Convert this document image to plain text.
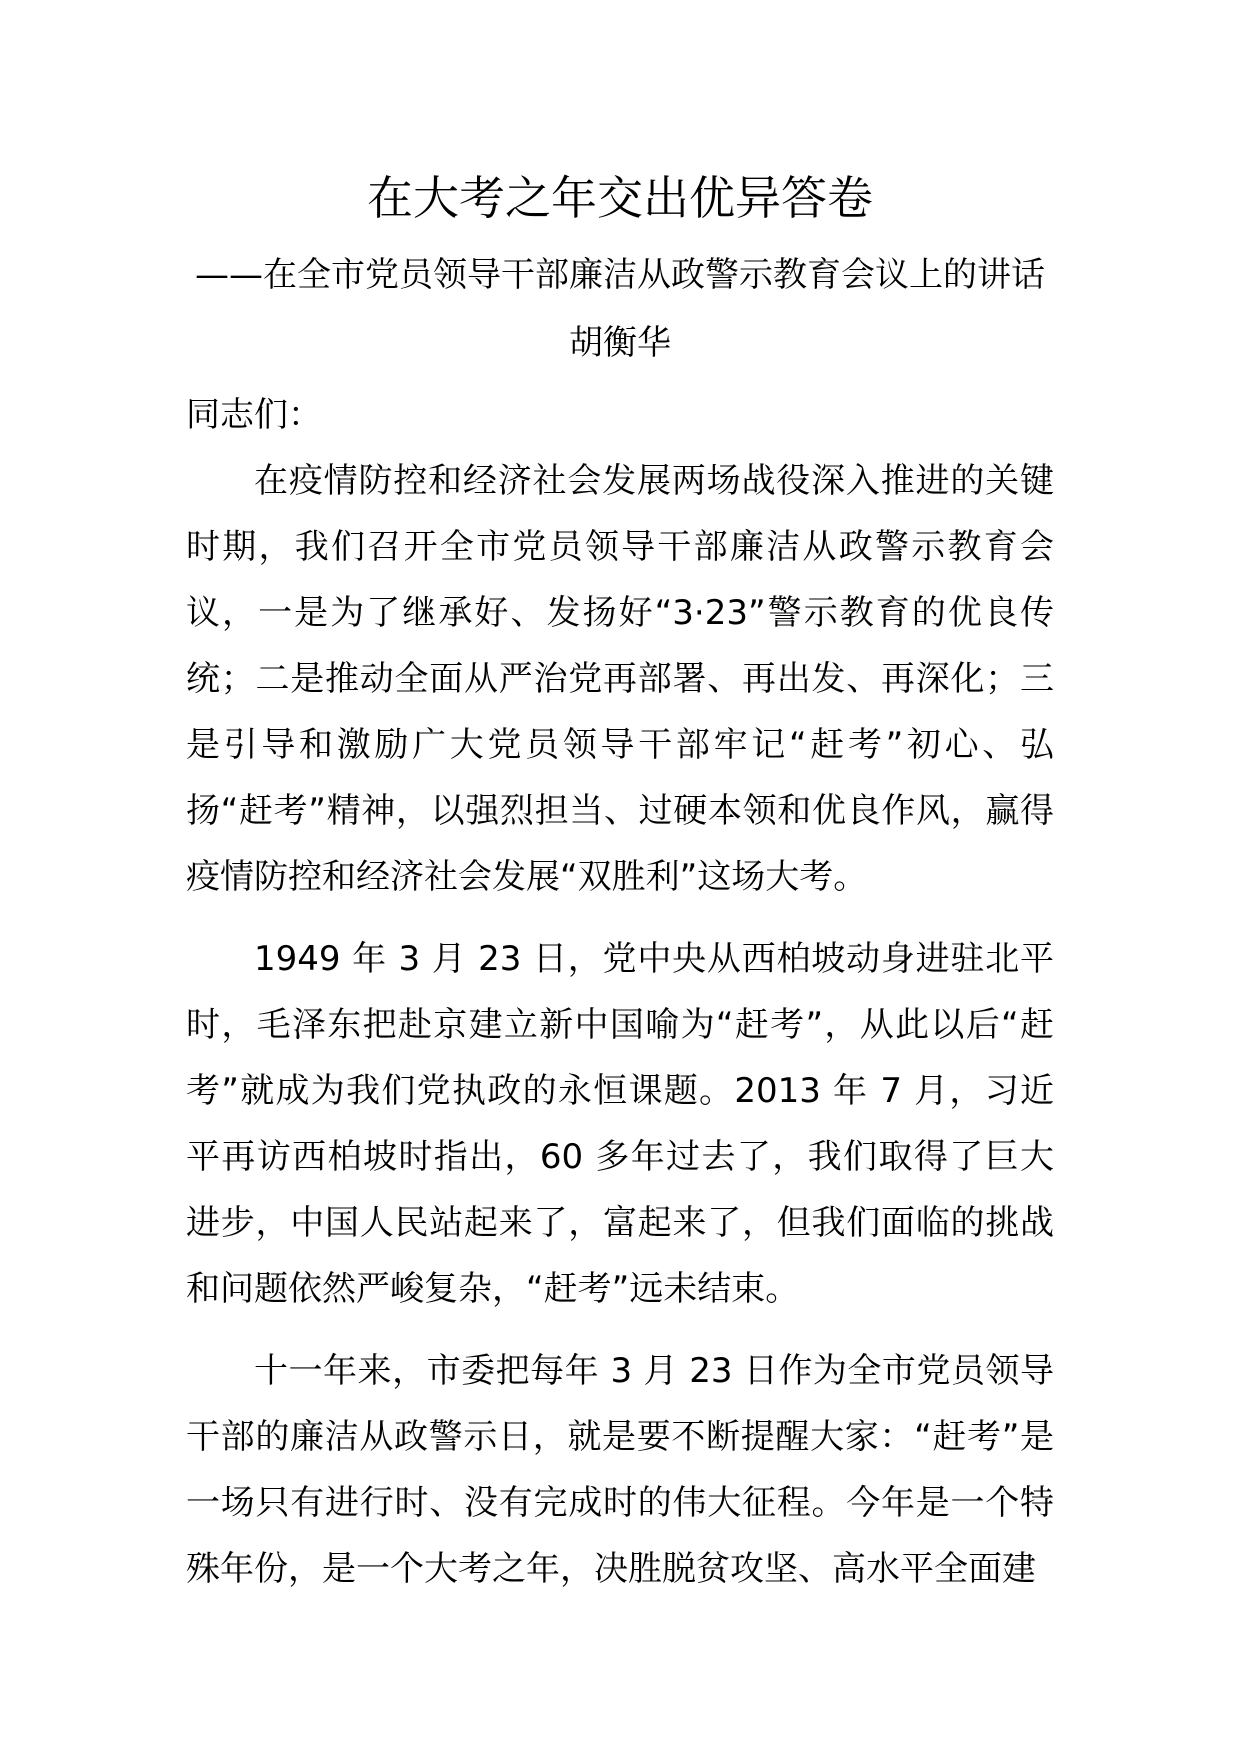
在大考之年交出优异答卷

——在全市党员领导干部廉洁从政警示教育会议上的讲话

胡衡华

同志们：

在疫情防控和经济社会发展两场战役深入推进的关键时期，我们召开全市党员领导干部廉洁从政警示教育会议，一是为了继承好、发扬好“3·23”警示教育的优良传统；二是推动全面从严治党再部署、再出发、再深化；三是引导和激励广大党员领导干部牢记“赶考”初心、弘扬“赶考”精神，以强烈担当、过硬本领和优良作风，赢得疫情防控和经济社会发展“双胜利”这场大考。

1949 年 3 月 23 日，党中央从西柏坡动身进驻北平时，毛泽东把赴京建立新中国喻为“赶考”，从此以后“赶考”就成为我们党执政的永恒课题。2013 年 7 月，习近平再访西柏坡时指出，60 多年过去了，我们取得了巨大进步，中国人民站起来了，富起来了，但我们面临的挑战和问题依然严峻复杂，“赶考”远未结束。

十一年来，市委把每年 3 月 23 日作为全市党员领导干部的廉洁从政警示日，就是要不断提醒大家：“赶考”是一场只有进行时、没有完成时的伟大征程。今年是一个特殊年份，是一个大考之年，决胜脱贫攻坚、高水平全面建
